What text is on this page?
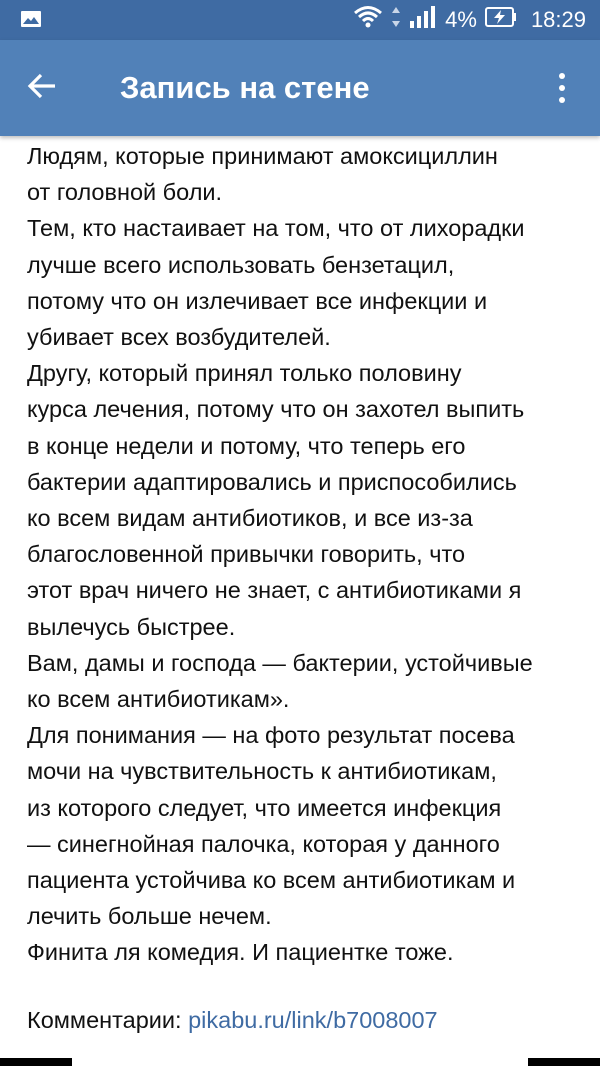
4% 18:29
Запись на стене
Людям, которые принимают амоксициллин
от головной боли.
Тем, кто настаивает на том, что от лихорадки
лучше всего использовать бензетацил,
потому что он излечивает все инфекции и
убивает всех возбудителей.
Другу, который принял только половину
курса лечения, потому что он захотел выпить
в конце недели и потому, что теперь его
бактерии адаптировались и приспособились
ко всем видам антибиотиков, и все из-за
благословенной привычки говорить, что
этот врач ничего не знает, с антибиотиками я
вылечусь быстрее.
Вам, дамы и господа — бактерии, устойчивые
ко всем антибиотикам».
Для понимания — на фото результат посева
мочи на чувствительность к антибиотикам,
из которого следует, что имеется инфекция
— синегнойная палочка, которая у данного
пациента устойчива ко всем антибиотикам и
лечить больше нечем.
Финита ля комедия. И пациентке тоже.
Комментарии: pikabu.ru/link/b7008007
